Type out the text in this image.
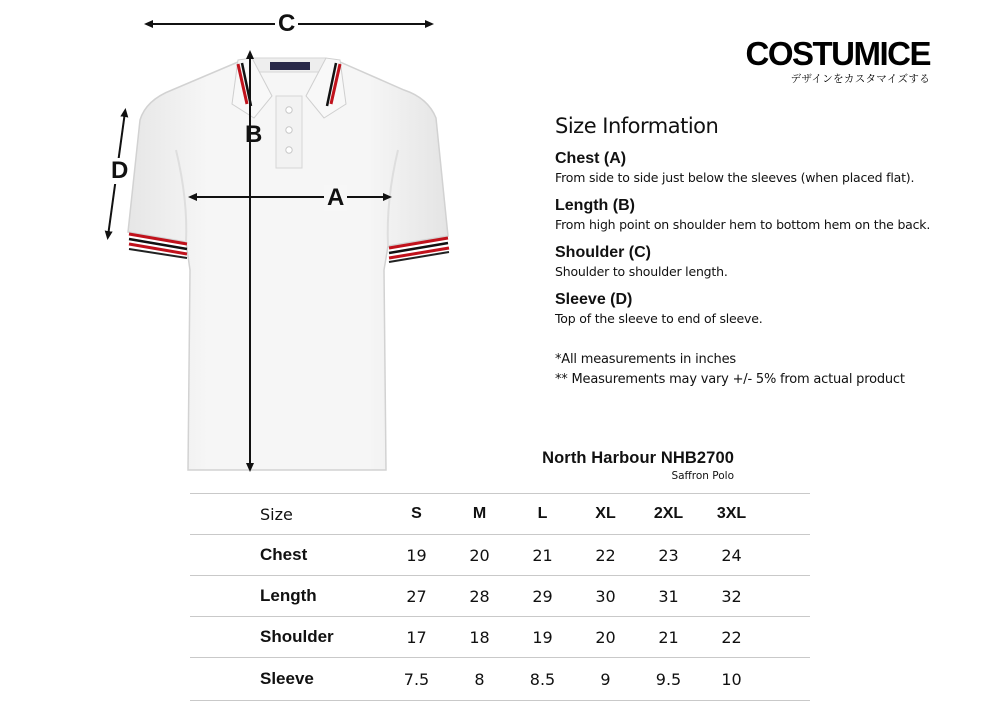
C
B
A
D
COSTUMICE
デザインをカスタマイズする
Size Information
Chest (A)
From side to side just below the sleeves (when placed flat).
Length (B)
From high point on shoulder hem to bottom hem on the back.
Shoulder (C)
Shoulder to shoulder length.
Sleeve (D)
Top of the sleeve to end of sleeve.
*All measurements in inches
** Measurements may vary +/- 5% from actual product
North Harbour NHB2700
Saffron Polo
Size	S	M	L	XL	2XL	3XL	
Chest	19	20	21	22	23	24	
Length	27	28	29	30	31	32	
Shoulder	17	18	19	20	21	22	
Sleeve	7.5	8	8.5	9	9.5	10	
